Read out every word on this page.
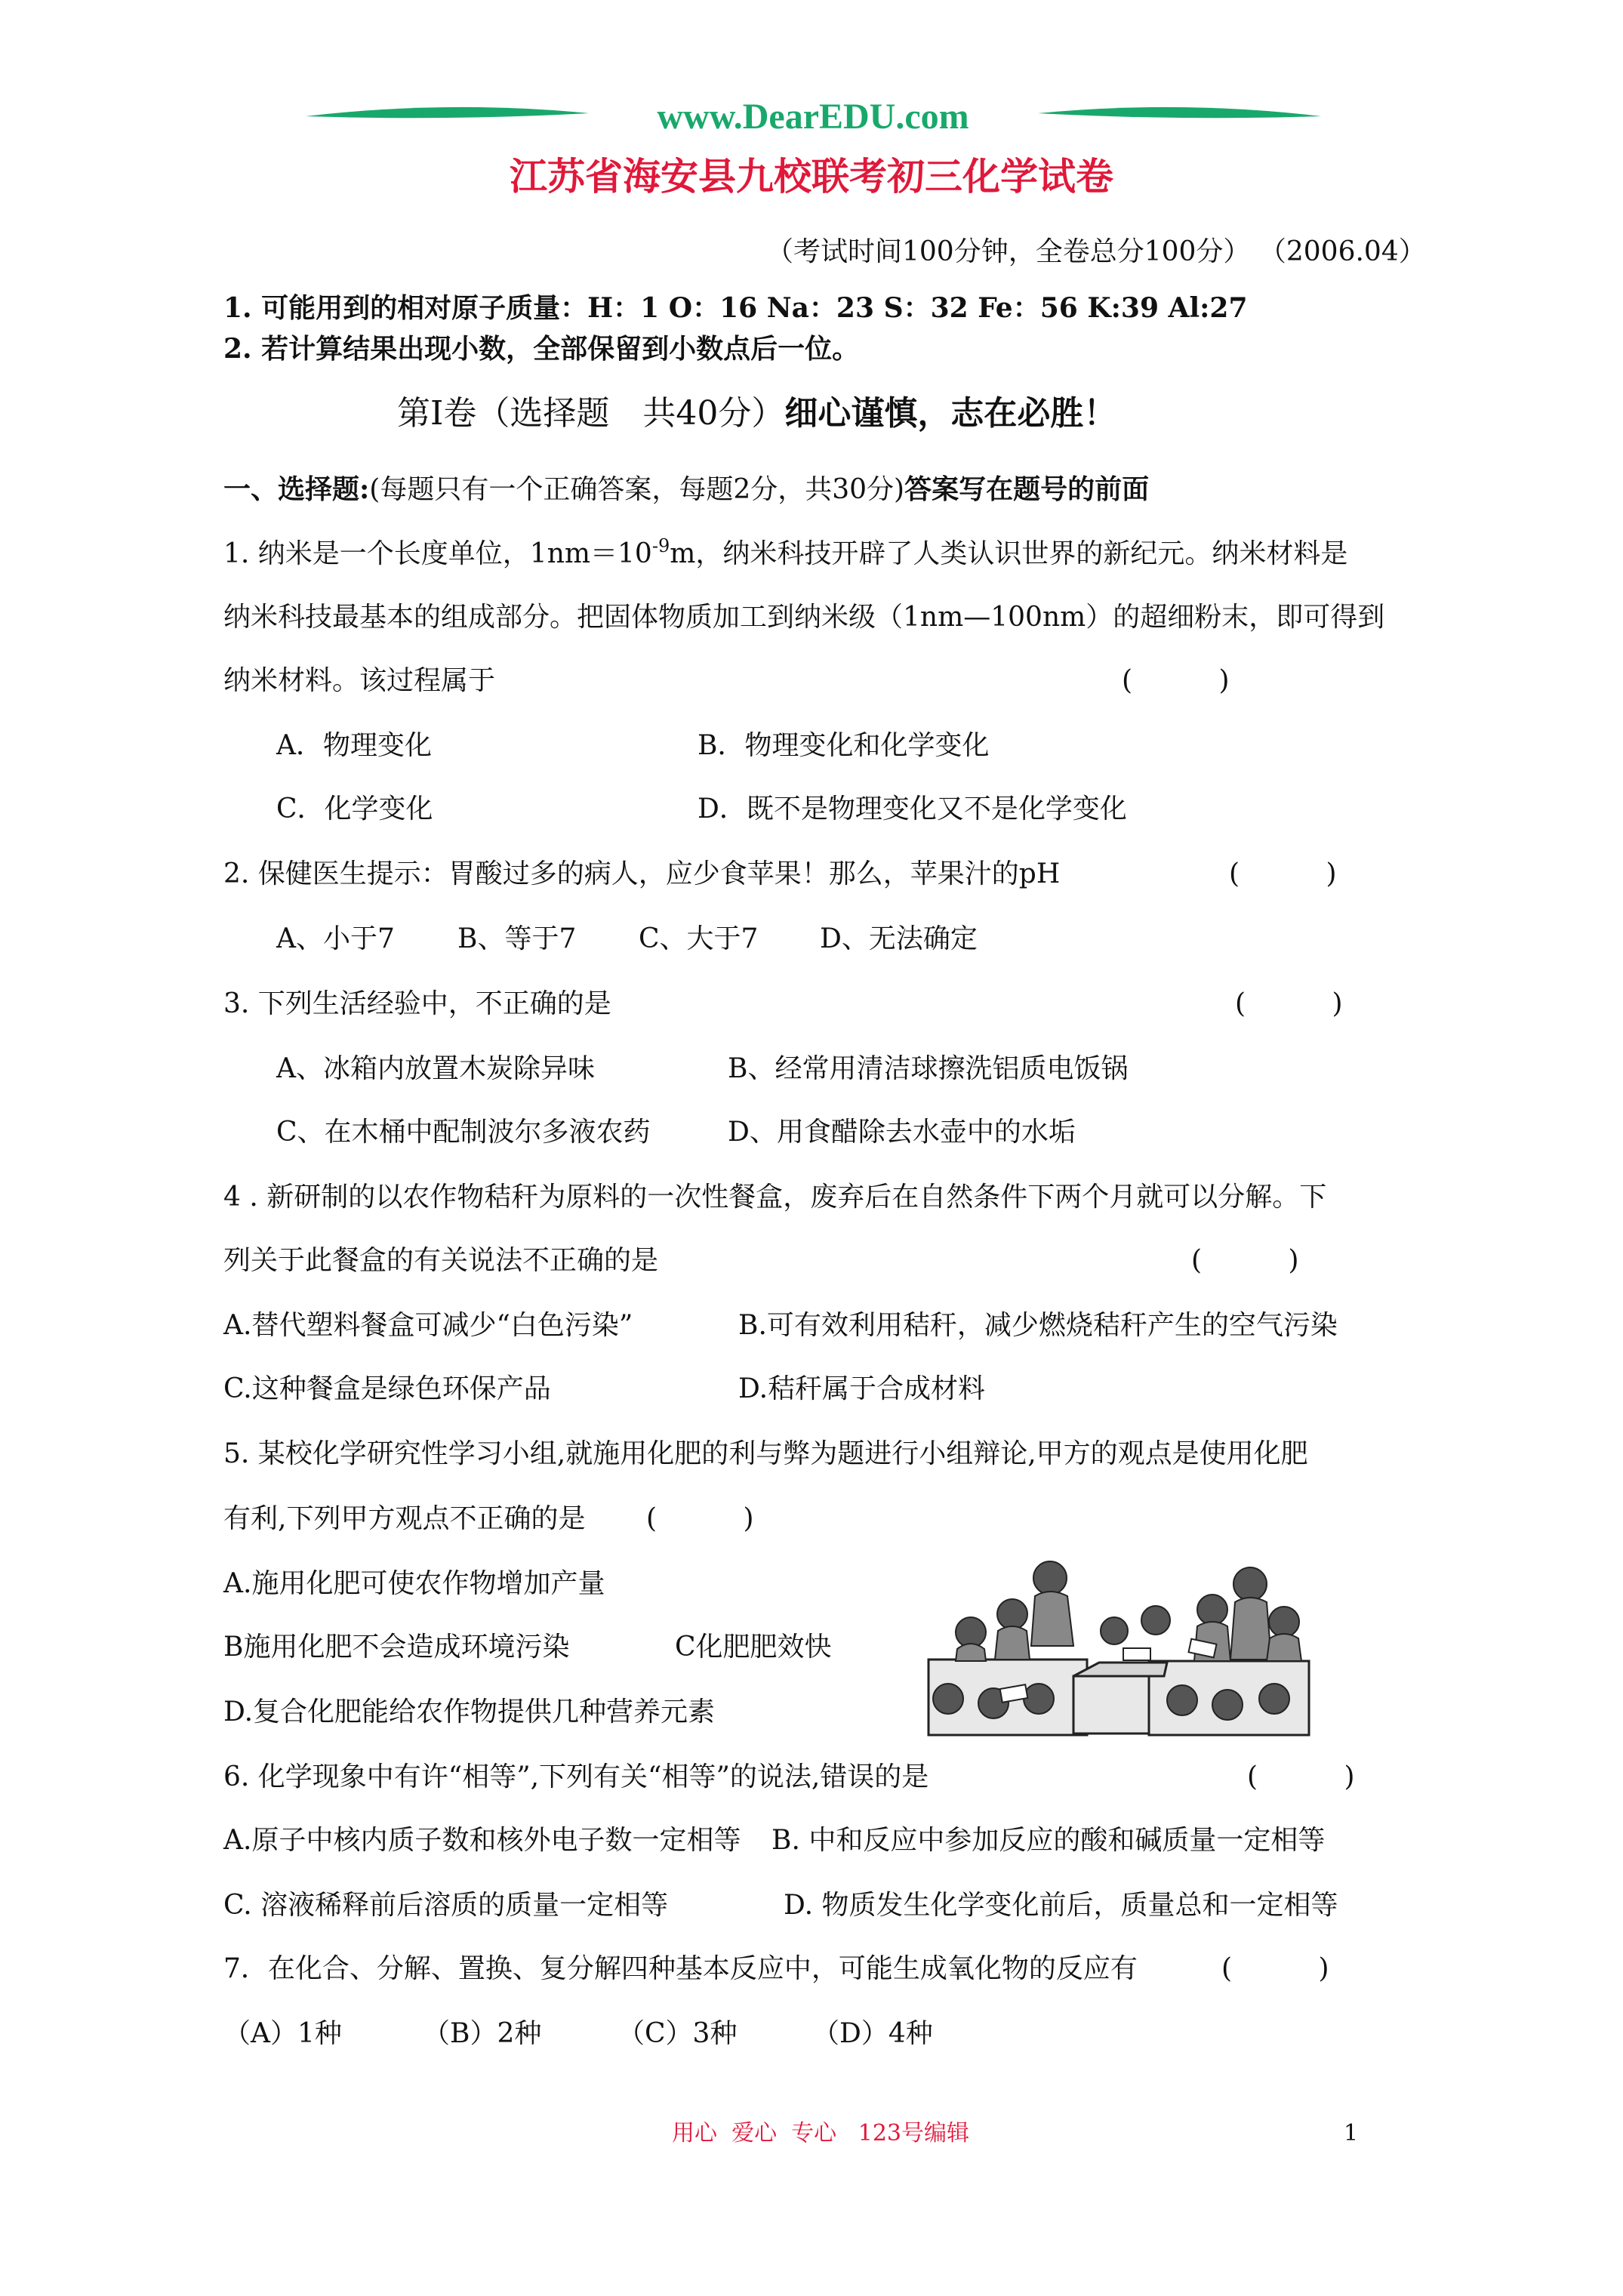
www.DearEDU.com
江苏省海安县九校联考初三化学试卷
（考试时间100分钟，全卷总分100分） （2006.04）
1. 可能用到的相对原子质量：H：1 O：16 Na：23 S：32 Fe：56 K:39 Al:27
2. 若计算结果出现小数，全部保留到小数点后一位。
第Ⅰ卷（选择题　共40分）细心谨慎，志在必胜！
一、选择题:(每题只有一个正确答案，每题2分，共30分)答案写在题号的前面
1. 纳米是一个长度单位，$1nm=10^{-9}m$，纳米科技开辟了人类认识世界的新纪元。纳米材料是
纳米科技最基本的组成部分。把固体物质加工到纳米级（1nm—100nm）的超细粉末，即可得到
纳米材料。该过程属于	(          )
A．物理变化	B．物理变化和化学变化
C．化学变化	D．既不是物理变化又不是化学变化
2. 保健医生提示：胃酸过多的病人，应少食苹果！那么，苹果汁的pH	(          )
A、小于7 B、等于7 C、大于7 D、无法确定
3. 下列生活经验中，不正确的是	(          )
A、冰箱内放置木炭除异味	B、经常用清洁球擦洗铝质电饭锅
C、在木桶中配制波尔多液农药	D、用食醋除去水壶中的水垢
4 . 新研制的以农作物秸秆为原料的一次性餐盒，废弃后在自然条件下两个月就可以分解。下
列关于此餐盒的有关说法不正确的是	(          )
A.替代塑料餐盒可减少“白色污染”	B.可有效利用秸秆，减少燃烧秸秆产生的空气污染
C.这种餐盒是绿色环保产品	D.秸秆属于合成材料
5. 某校化学研究性学习小组,就施用化肥的利与弊为题进行小组辩论,甲方的观点是使用化肥
有利,下列甲方观点不正确的是 (          )
A.施用化肥可使农作物增加产量
B施用化肥不会造成环境污染	C化肥肥效快
D.复合化肥能给农作物提供几种营养元素
6. 化学现象中有许“相等”,下列有关“相等”的说法,错误的是	(          )
A.原子中核内质子数和核外电子数一定相等 B. 中和反应中参加反应的酸和碱质量一定相等
C. 溶液稀释前后溶质的质量一定相等	D. 物质发生化学变化前后，质量总和一定相等
7．在化合、分解、置换、复分解四种基本反应中，可能生成氧化物的反应有	(          )
（A）1种	（B）2种	（C）3种	（D）4种
用心  爱心  专心   123号编辑	1
